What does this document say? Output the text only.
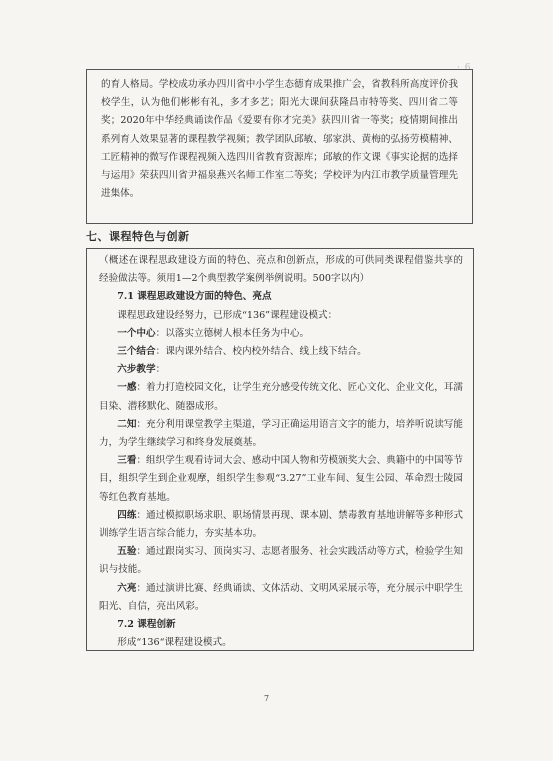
· 6

的育人格局。学校成功承办四川省中小学生态德育成果推广会，省教科所高度评价我校学生，认为他们彬彬有礼，多才多艺；阳光大课间获隆昌市特等奖、四川省二等奖；2020年中华经典诵读作品《爱要有你才完美》获四川省一等奖；疫情期间推出系列育人效果显著的课程教学视频；教学团队邱敏、邬家洪、黄梅的弘扬劳模精神、工匠精神的微写作课程视频入选四川省教育资源库；邱敏的作文课《事实论据的选择与运用》荣获四川省尹福泉燕兴名师工作室二等奖；学校评为内江市教学质量管理先进集体。

七、课程特色与创新

（概述在课程思政建设方面的特色、亮点和创新点，形成的可供同类课程借鉴共享的经验做法等。须用1—2个典型教学案例举例说明。500字以内）

7.1 课程思政建设方面的特色、亮点

课程思政建设经努力，已形成“136”课程建设模式：

一个中心：以落实立德树人根本任务为中心。

三个结合：课内课外结合、校内校外结合、线上线下结合。

六步教学：

一感：着力打造校园文化，让学生充分感受传统文化、匠心文化、企业文化，耳濡目染、潜移默化、随器成形。

二知：充分利用课堂教学主渠道，学习正确运用语言文字的能力，培养听说读写能力，为学生继续学习和终身发展奠基。

三看：组织学生观看诗词大会、感动中国人物和劳模颁奖大会、典籍中的中国等节目，组织学生到企业观摩，组织学生参观“3.27”工业车间、复生公园、革命烈士陵园等红色教育基地。

四练：通过模拟职场求职、职场情景再现、课本剧、禁毒教育基地讲解等多种形式训练学生语言综合能力，夯实基本功。

五验：通过跟岗实习、顶岗实习、志愿者服务、社会实践活动等方式，检验学生知识与技能。

六亮：通过演讲比赛、经典诵读、文体活动、文明风采展示等，充分展示中职学生阳光、自信，亮出风彩。

7.2 课程创新

形成“136“课程建设模式。

7
